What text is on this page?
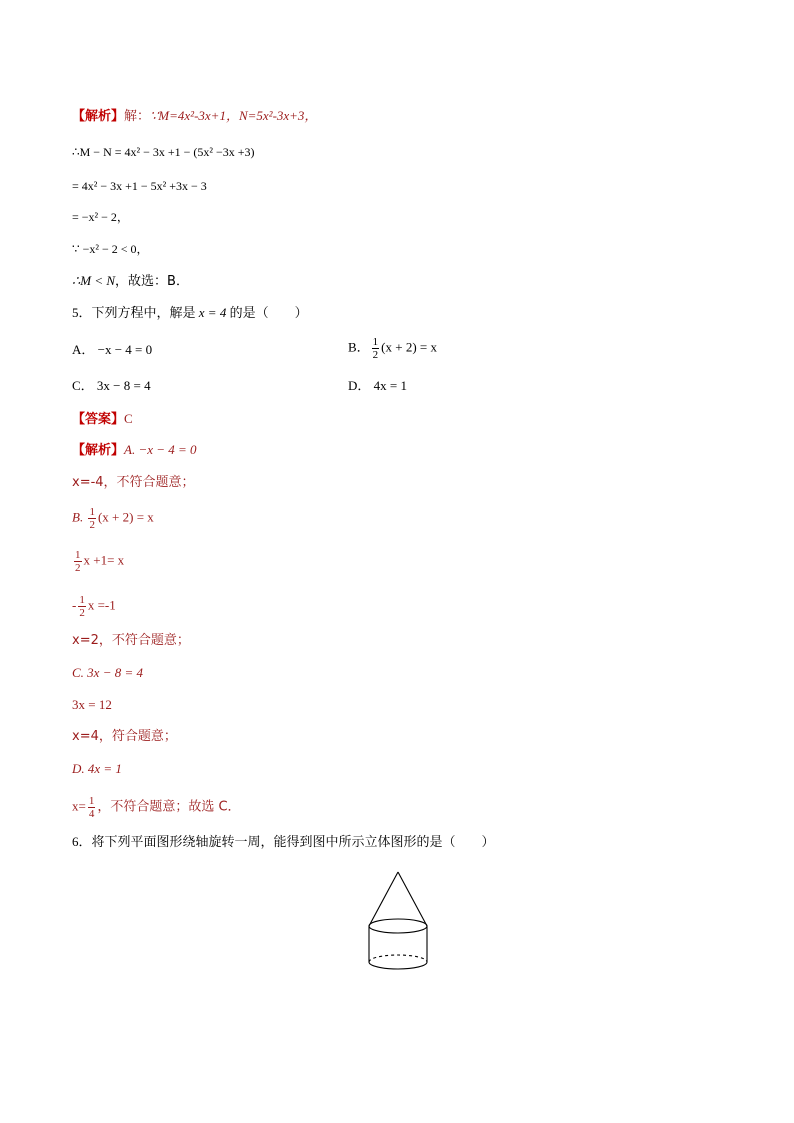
【解析】解：∵M=4x²-3x+1，N=5x²-3x+3，
∴M − N = 4x² − 3x +1 − (5x² −3x +3)
= 4x² − 3x +1 − 5x² +3x − 3
= −x² − 2，
∵ −x² − 2 < 0，
∴M < N，故选：B．
5．下列方程中，解是 x = 4 的是（　　）
A． −x − 4 = 0	B． $\frac{1}{2} (x + 2) = x$
C． 3x − 8 = 4	D． 4x = 1
【答案】C
【解析】A. −x − 4 = 0
x=-4，不符合题意；
B. $\frac{1}{2} (x + 2) = x$
$\frac{1}{2}$ x +1= x
- $\frac{1}{2}$ x =-1
x=2，不符合题意；
C. 3x − 8 = 4
3x = 12
x=4，符合题意；
D. 4x = 1
$x= \frac{1}{4}$ ，不符合题意；故选 C．
6．将下列平面图形绕轴旋转一周，能得到图中所示立体图形的是（　　）
